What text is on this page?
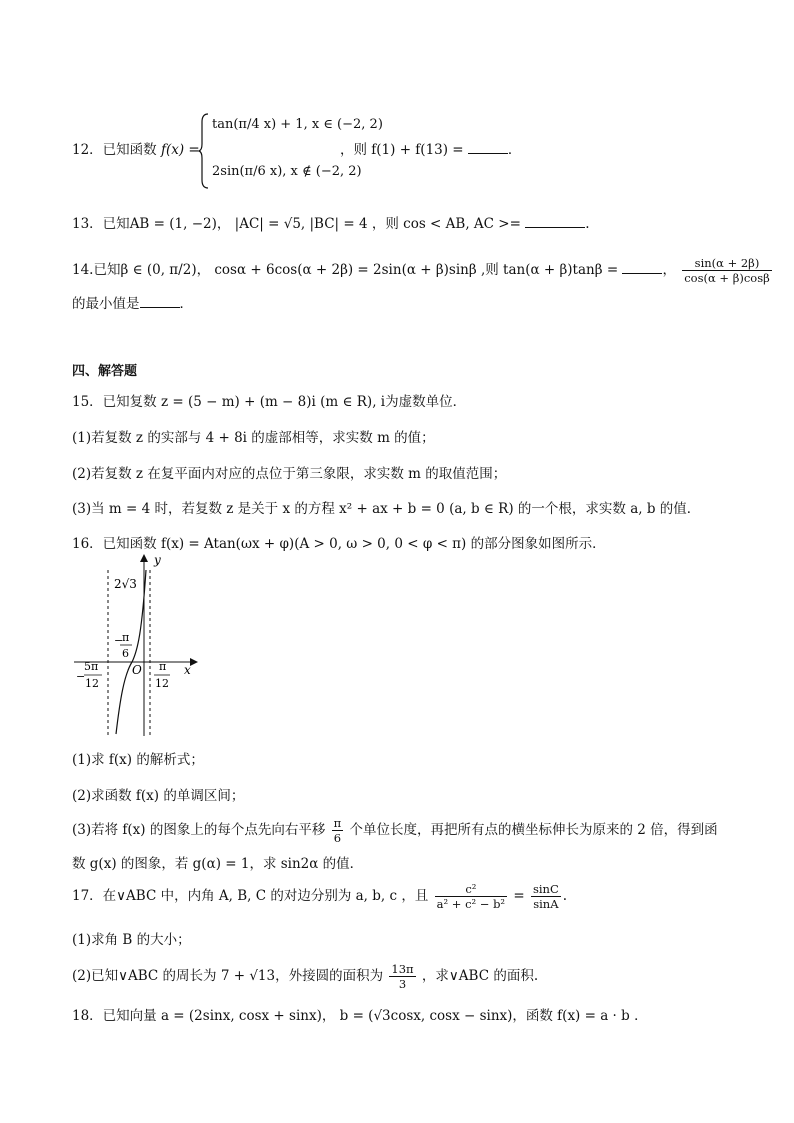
12．已知函数 f(x) =
tan(π/4 x) + 1, x ∈ (−2, 2)
2sin(π/6 x), x ∉ (−2, 2)
，则 f(1) + f(13) =	．
13．已知AB = (1, −2)， |AC| = √5, |BC| = 4 ，则 cos < AB, AC >=	.
14.已知β ∈ (0, π/2)， cosα + 6cos(α + 2β) = 2sin(α + β)sinβ ,则 tan(α + β)tanβ =	， $\frac{\sin(\alpha + 2\beta)}{\cos(\alpha + \beta)\cos\beta}$
的最小值是	．
四、解答题
15．已知复数 z = (5 − m) + (m − 8)i (m ∈ R), i为虚数单位．
(1)若复数 z 的实部与 4 + 8i 的虚部相等，求实数 m 的值；
(2)若复数 z 在复平面内对应的点位于第三象限，求实数 m 的取值范围；
(3)当 m = 4 时，若复数 z 是关于 x 的方程 x² + ax + b = 0 (a, b ∈ R) 的一个根，求实数 a, b 的值．
16．已知函数 f(x) = Atan(ωx + φ)(A > 0, ω > 0, 0 < φ < π) 的部分图象如图所示．
y
x
O
2√3
−
π
6
5π
−
12
π
12
(1)求 f(x) 的解析式；
(2)求函数 f(x) 的单调区间；
(3)若将 f(x) 的图象上的每个点先向右平移 $\frac{\pi}{6}$ 个单位长度，再把所有点的横坐标伸长为原来的 2 倍，得到函
数 g(x) 的图象，若 g(α) = 1，求 sin2α 的值．
17．在∨ABC 中，内角 A, B, C 的对边分别为 a, b, c ，且 $\frac{\text{c²}}{\text{a² + c² − b²}} = \frac{\sin C}{\sin A}$ .
(1)求角 B 的大小；
(2)已知∨ABC 的周长为 7 + √13，外接圆的面积为 $\frac{13\pi}{3}$ ，求∨ABC 的面积.
18．已知向量 a = (2sinx, cosx + sinx)， b = (√3cosx, cosx − sinx)，函数 f(x) = a · b ．
